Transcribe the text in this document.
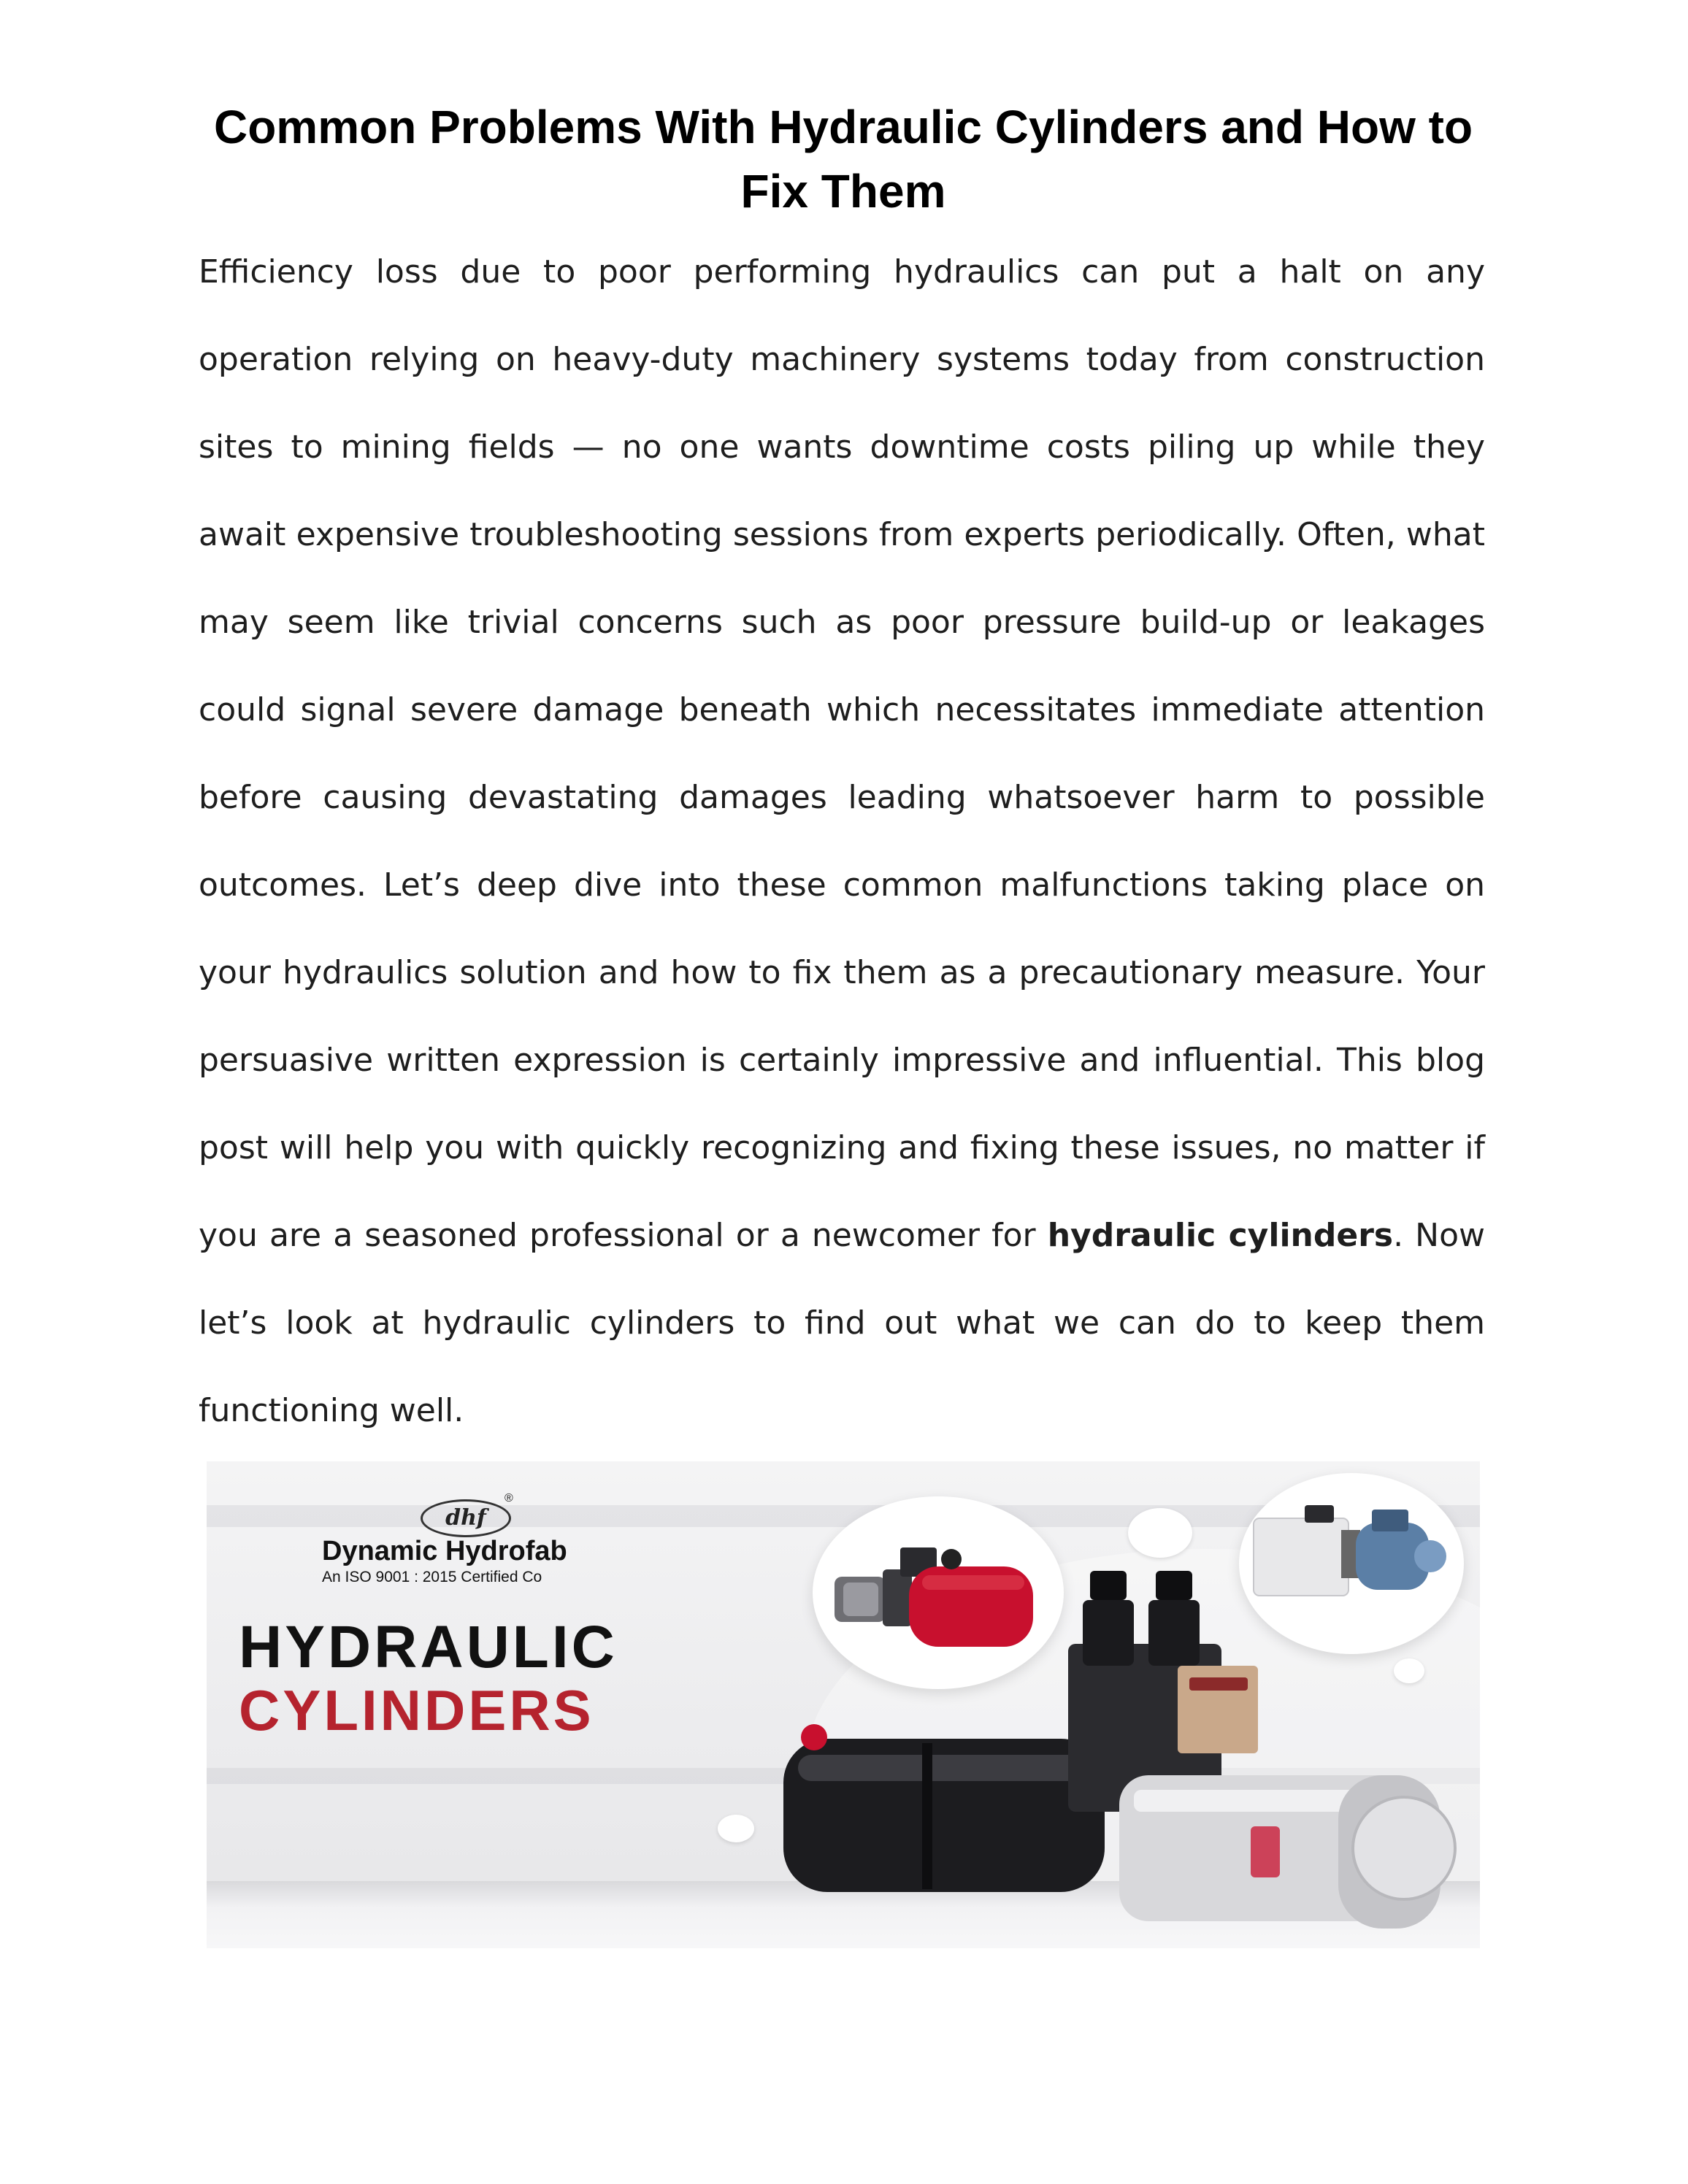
Common Problems With Hydraulic Cylinders and How to Fix Them

Efficiency loss due to poor performing hydraulics can put a halt on any operation relying on heavy-duty machinery systems today from construction sites to mining fields — no one wants downtime costs piling up while they await expensive troubleshooting sessions from experts periodically. Often, what may seem like trivial concerns such as poor pressure build-up or leakages could signal severe damage beneath which necessitates immediate attention before causing devastating damages leading whatsoever harm to possible outcomes. Let’s deep dive into these common malfunctions taking place on your hydraulics solution and how to fix them as a precautionary measure. Your persuasive written expression is certainly impressive and influential. This blog post will help you with quickly recognizing and fixing these issues, no matter if you are a seasoned professional or a newcomer for hydraulic cylinders. Now let’s look at hydraulic cylinders to find out what we can do to keep them functioning well.

dhf
®
Dynamic Hydrofab
An ISO 9001 : 2015 Certified Co
HYDRAULIC
CYLINDERS
